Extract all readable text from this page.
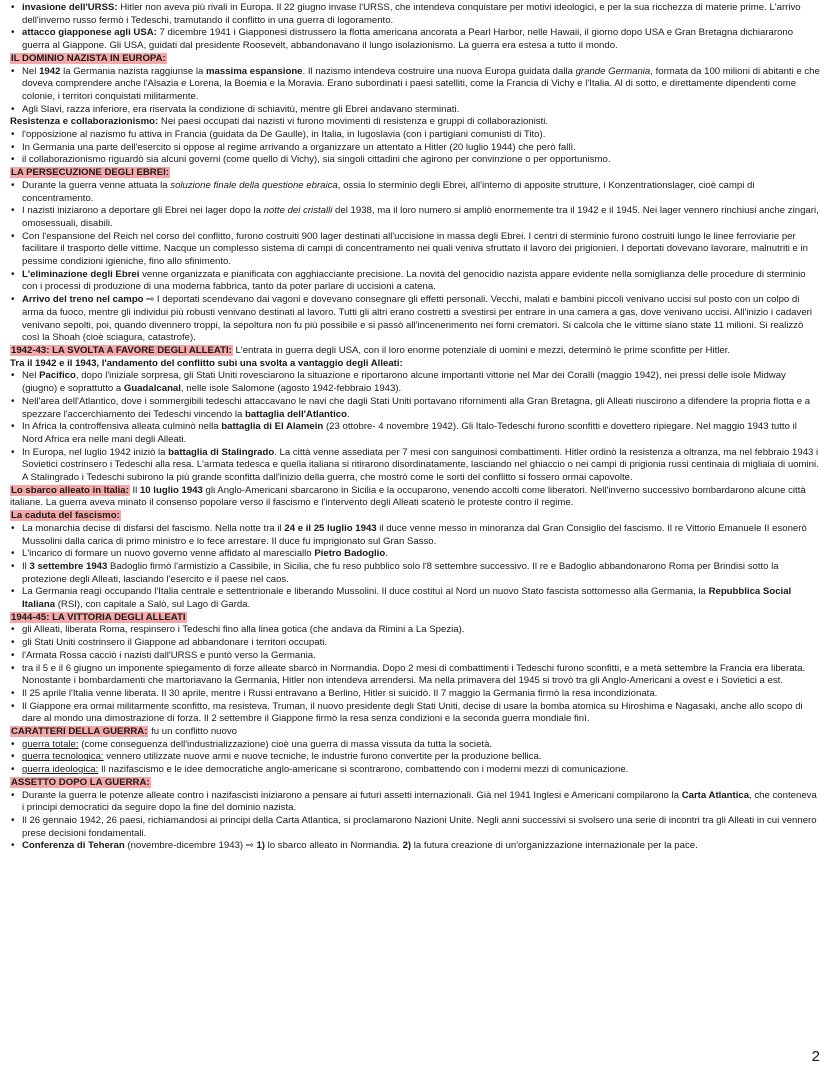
• invasione dell'URSS: Hitler non aveva più rivali in Europa. Il 22 giugno invase l'URSS, che intendeva conquistare per motivi ideologici, e per la sua ricchezza di materie prime. L'arrivo dell'inverno russo fermò i Tedeschi, tramutando il conflitto in una guerra di logoramento.

• attacco giapponese agli USA: 7 dicembre 1941 i Giapponesi distrussero la flotta americana ancorata a Pearl Harbor, nelle Hawaii, il giorno dopo USA e Gran Bretagna dichiararono guerra al Giappone. Gli USA, guidati dal presidente Roosevelt, abbandonavano il lungo isolazionismo. La guerra era estesa a tutto il mondo.

IL DOMINIO NAZISTA IN EUROPA:

• Nel 1942 la Germania nazista raggiunse la massima espansione. Il nazismo intendeva costruire una nuova Europa guidata dalla grande Germania, formata da 100 milioni di abitanti e che doveva comprendere anche l'Alsazia e Lorena, la Boemia e la Moravia. Erano subordinati i paesi satelliti, come la Francia di Vichy e l'Italia. Al di sotto, e direttamente dipendenti come colonie, i territori conquistati militarmente.

• Agli Slavi, razza inferiore, era riservata la condizione di schiavitù, mentre gli Ebrei andavano sterminati.

Resistenza e collaborazionismo: Nei paesi occupati dai nazisti vi furono movimenti di resistenza e gruppi di collaborazionisti.

• l'opposizione al nazismo fu attiva in Francia (guidata da De Gaulle), in Italia, in Iugoslavia (con i partigiani comunisti di Tito).

• In Germania una parte dell'esercito si oppose al regime arrivando a organizzare un attentato a Hitler (20 luglio 1944) che però fallì.

• il collaborazionismo riguardò sia alcuni governi (come quello di Vichy), sia singoli cittadini che agirono per convinzione o per opportunismo.

LA PERSECUZIONE DEGLI EBREI:

• Durante la guerra venne attuata la soluzione finale della questione ebraica, ossia lo sterminio degli Ebrei, all'interno di apposite strutture, i Konzentrationslager, cioè campi di concentramento.

• I nazisti iniziarono a deportare gli Ebrei nei lager dopo la notte dei cristalli del 1938, ma il loro numero si ampliò enormemente tra il 1942 e il 1945. Nei lager vennero rinchiusi anche zingari, omosessuali, disabili.

• Con l'espansione del Reich nel corso del conflitto, furono costruiti 900 lager destinati all'uccisione in massa degli Ebrei. I centri di sterminio furono costruiti lungo le linee ferroviarie per facilitare il trasporto delle vittime. Nacque un complesso sistema di campi di concentramento nei quali veniva sfruttato il lavoro dei prigionieri. I deportati dovevano lavorare, malnutriti e in pessime condizioni igieniche, fino allo sfinimento.

• L'eliminazione degli Ebrei venne organizzata e pianificata con agghiacciante precisione. La novità del genocidio nazista appare evidente nella somiglianza delle procedure di sterminio con i processi di produzione di una moderna fabbrica, tanto da poter parlare di uccisioni a catena.

• Arrivo del treno nel campo ⇨ I deportati scendevano dai vagoni e dovevano consegnare gli effetti personali. Vecchi, malati e bambini piccoli venivano uccisi sul posto con un colpo di arma da fuoco, mentre gli individui più robusti venivano destinati al lavoro. Tutti gli altri erano costretti a svestirsi per entrare in una camera a gas, dove venivano uccisi. All'inizio i cadaveri venivano sepolti, poi, quando divennero troppi, la sepoltura non fu più possibile e si passò all'incenerimento nei forni crematori. Si calcola che le vittime siano state 11 milioni. Si realizzò così la Shoah (cioè sciagura, catastrofe).

1942-43: LA SVOLTA A FAVORE DEGLI ALLEATI: L'entrata in guerra degli USA, con il loro enorme potenziale di uomini e mezzi, determinò le prime sconfitte per Hitler.

Tra il 1942 e il 1943, l'andamento del conflitto subì una svolta a vantaggio degli Alleati:

• Nel Pacifico, dopo l'iniziale sorpresa, gli Stati Uniti rovesciarono la situazione e riportarono alcune importanti vittorie nel Mar dei Coralli (maggio 1942), nei pressi delle isole Midway (giugno) e soprattutto a Guadalcanal, nelle isole Salomone (agosto 1942-febbraio 1943).

• Nell'area dell'Atlantico, dove i sommergibili tedeschi attaccavano le navi che dagli Stati Uniti portavano rifornimenti alla Gran Bretagna, gli Alleati riuscirono a difendere la propria flotta e a spezzare l'accerchiamento dei Tedeschi vincendo la battaglia dell'Atlantico.

• In Africa la controffensiva alleata culminò nella battaglia di El Alamein (23 ottobre- 4 novembre 1942). Gli Italo-Tedeschi furono sconfitti e dovettero ripiegare. Nel maggio 1943 tutto il Nord Africa era nelle mani degli Alleati.

• In Europa, nel luglio 1942 iniziò la battaglia di Stalingrado. La città venne assediata per 7 mesi con sanguinosi combattimenti. Hitler ordinò la resistenza a oltranza, ma nel febbraio 1943 i Sovietici costrinsero i Tedeschi alla resa. L'armata tedesca e quella italiana si ritirarono disordinatamente, lasciando nel ghiaccio o nei campi di prigionia russi centinaia di migliaia di uomini. A Stalingrado i Tedeschi subirono la più grande sconfitta dall'inizio della guerra, che mostrò come le sorti del conflitto si fossero ormai capovolte.

Lo sbarco alleato in Italia: Il 10 luglio 1943 gli Anglo-Americani sbarcarono in Sicilia e la occuparono, venendo accolti come liberatori. Nell'inverno successivo bombardarono alcune città italiane. La guerra aveva minato il consenso popolare verso il fascismo e l'intervento degli Alleati scatenò le proteste contro il regime.

La caduta del fascismo:

• La monarchia decise di disfarsi del fascismo. Nella notte tra il 24 e il 25 luglio 1943 il duce venne messo in minoranza dal Gran Consiglio del fascismo. Il re Vittorio Emanuele II esonerò Mussolini dalla carica di primo ministro e lo fece arrestare. Il duce fu imprigionato sul Gran Sasso.

• L'incarico di formare un nuovo governo venne affidato al maresciallo Pietro Badoglio.

• Il 3 settembre 1943 Badoglio firmò l'armistizio a Cassibile, in Sicilia, che fu reso pubblico solo l'8 settembre successivo. Il re e Badoglio abbandonarono Roma per Brindisi sotto la protezione degli Alleati, lasciando l'esercito e il paese nel caos.

• La Germania reagì occupando l'Italia centrale e settentrionale e liberando Mussolini. Il duce costituì al Nord un nuovo Stato fascista sottomesso alla Germania, la Repubblica Social Italiana (RSI), con capitale a Salò, sul Lago di Garda.

1944-45: LA VITTORIA DEGLI ALLEATI

• gli Alleati, liberata Roma, respinsero i Tedeschi fino alla linea gotica (che andava da Rimini a La Spezia).

• gli Stati Uniti costrinsero il Giappone ad abbandonare i territori occupati.

• l'Armata Rossa cacciò i nazisti dall'URSS e puntò verso la Germania.

• tra il 5 e il 6 giugno un imponente spiegamento di forze alleate sbarcò in Normandia. Dopo 2 mesi di combattimenti i Tedeschi furono sconfitti, e a metà settembre la Francia era liberata. Nonostante i bombardamenti che martoriavano la Germania, Hitler non intendeva arrendersi. Ma nella primavera del 1945 si trovò tra gli Anglo-Americani a ovest e i Sovietici a est.

• Il 25 aprile l'Italia venne liberata. Il 30 aprile, mentre i Russi entravano a Berlino, Hitler si suicidò. Il 7 maggio la Germania firmò la resa incondizionata.

• Il Giappone era ormai militarmente sconfitto, ma resisteva. Truman, il nuovo presidente degli Stati Uniti, decise di usare la bomba atomica su Hiroshima e Nagasaki, anche allo scopo di dare al mondo una dimostrazione di forza. Il 2 settembre il Giappone firmò la resa senza condizioni e la seconda guerra mondiale finì.

CARATTERI DELLA GUERRA: fu un conflitto nuovo

• guerra totale: (come conseguenza dell'industrializzazione) cioè una guerra di massa vissuta da tutta la società.

• guerra tecnologica: vennero utilizzate nuove armi e nuove tecniche, le industrie furono convertite per la produzione bellica.

• guerra ideologica: Il nazifascismo e le idee democratiche anglo-americane si scontrarono, combattendo con i moderni mezzi di comunicazione.

ASSETTO DOPO LA GUERRA:

• Durante la guerra le potenze alleate contro i nazifascisti iniziarono a pensare ai futuri assetti internazionali. Già nel 1941 Inglesi e Americani compilarono la Carta Atlantica, che conteneva i principi democratici da seguire dopo la fine del dominio nazista.

• Il 26 gennaio 1942, 26 paesi, richiamandosi ai principi della Carta Atlantica, si proclamarono Nazioni Unite. Negli anni successivi si svolsero una serie di incontri tra gli Alleati in cui vennero prese decisioni fondamentali.

• Conferenza di Teheran (novembre-dicembre 1943) ⇨ 1) lo sbarco alleato in Normandia. 2) la futura creazione di un'organizzazione internazionale per la pace.

2
